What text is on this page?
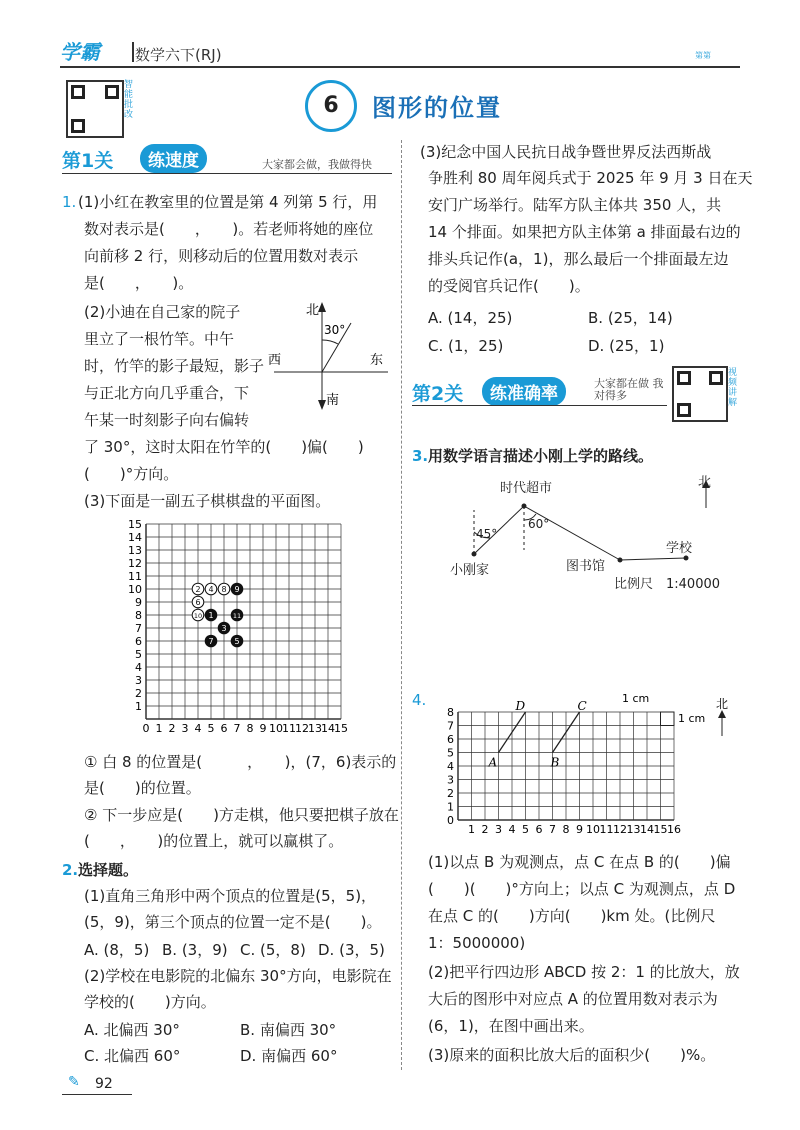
学霸 数学六下(RJ)	第第
智能批改	6	图形的位置
第1关	练速度	大家都会做，我做得快
1. (1)小红在教室里的位置是第 4 列第 5 行，用
数对表示是(　　，　　)。若老师将她的座位
向前移 2 行，则移动后的位置用数对表示
是(　　，　　)。
(2)小迪在自己家的院子
里立了一根竹竿。中午
时，竹竿的影子最短，影子
与正北方向几乎重合，下
午某一时刻影子向右偏转
了 30°，这时太阳在竹竿的(　　)偏(　　)
(　　)°方向。
北
南
东
西
30°
(3)下面是一副五子棋棋盘的平面图。
0 1 2 3 4 5 6 7 8 9 10 11 12 13 14 15
1
2
3
4
5
6
7
8
9
10
11
12
13
14
15
2 4 8 9
6
10 1	11
3
7	5
① 白 8 的位置是(　　　，　　)，(7，6)表示的
是(　　)的位置。
② 下一步应是(　　)方走棋，他只要把棋子放在
(　　，　　)的位置上，就可以赢棋了。
2. 选择题。
(1)直角三角形中两个顶点的位置是(5，5)，
(5，9)，第三个顶点的位置一定不是(　　)。
A. (8，5) B. (3，9) C. (5，8) D. (3，5)
(2)学校在电影院的北偏东 30°方向，电影院在
学校的(　　)方向。
A. 北偏西 30°	B. 南偏西 30°
C. 北偏西 60°	D. 南偏西 60°
✎ 92
(3)纪念中国人民抗日战争暨世界反法西斯战
争胜利 80 周年阅兵式于 2025 年 9 月 3 日在天
安门广场举行。陆军方队主体共 350 人，共
14 个排面。如果把方队主体第 a 排面最右边的
排头兵记作(a，1)，那么最后一个排面最左边
的受阅官兵记作(　　)。
A. (14，25)	B. (25，14)
C. (1，25)	D. (25，1)
第2关	练准确率
大家都在做 我对得多
视频讲解
3. 用数学语言描述小刚上学的路线。
时代超市
小刚家	图书馆
学校
北
45°
60°
比例尺　1:40000
4.
1 2 3 4 5 6 7 8 9 10 11 12 13 14 15 16
0
1
2
3
4
5
6
7
8
A	B
C
D
1 cm
1 cm
北
(1)以点 B 为观测点，点 C 在点 B 的(　　)偏
(　　)(　　)°方向上；以点 C 为观测点，点 D
在点 C 的(　　)方向(　　)km 处。(比例尺
1：5000000)
(2)把平行四边形 ABCD 按 2：1 的比放大，放
大后的图形中对应点 A 的位置用数对表示为
(6，1)，在图中画出来。
(3)原来的面积比放大后的面积少(　　)%。
